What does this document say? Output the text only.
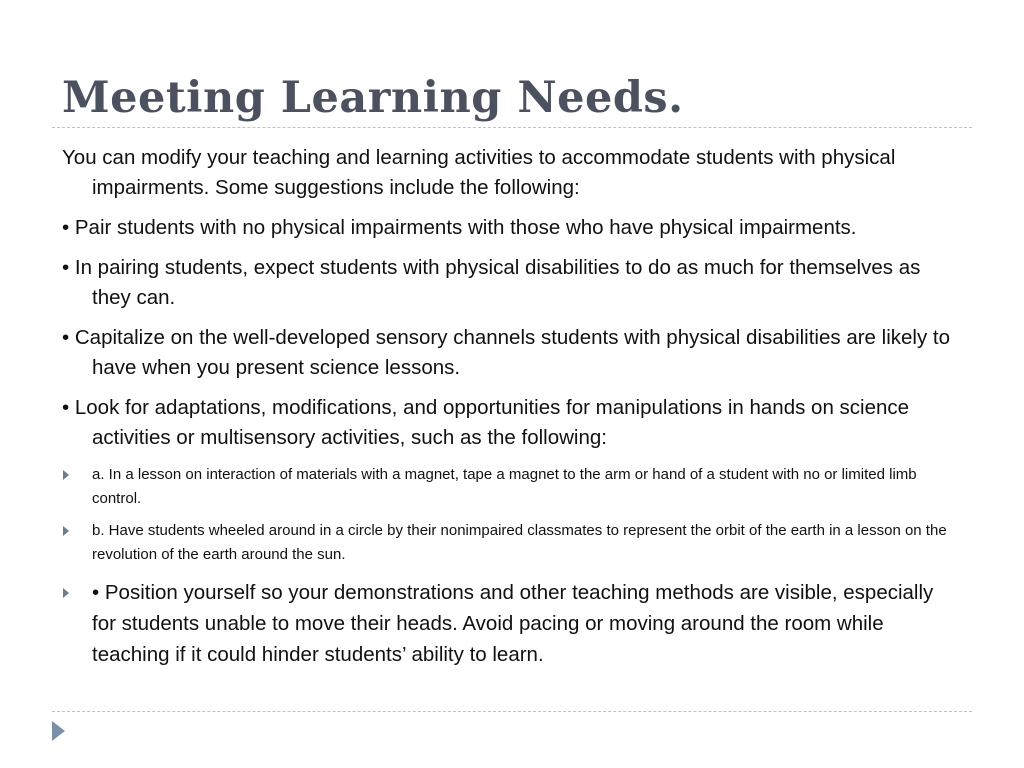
Meeting Learning Needs.

You can modify your teaching and learning activities to accommodate students with physical impairments. Some suggestions include the following:

• Pair students with no physical impairments with those who have physical impairments.

• In pairing students, expect students with physical disabilities to do as much for themselves as they can.

• Capitalize on the well-developed sensory channels students with physical disabilities are likely to have when you present science lessons.

• Look for adaptations, modifications, and opportunities for manipulations in hands on science activities or multisensory activities, such as the following:

a. In a lesson on interaction of materials with a magnet, tape a magnet to the arm or hand of a student with no or limited limb control.
b. Have students wheeled around in a circle by their nonimpaired classmates to represent the orbit of the earth in a lesson on the revolution of the earth around the sun.
• Position yourself so your demonstrations and other teaching methods are visible, especially for students unable to move their heads. Avoid pacing or moving around the room while teaching if it could hinder students’ ability to learn.
